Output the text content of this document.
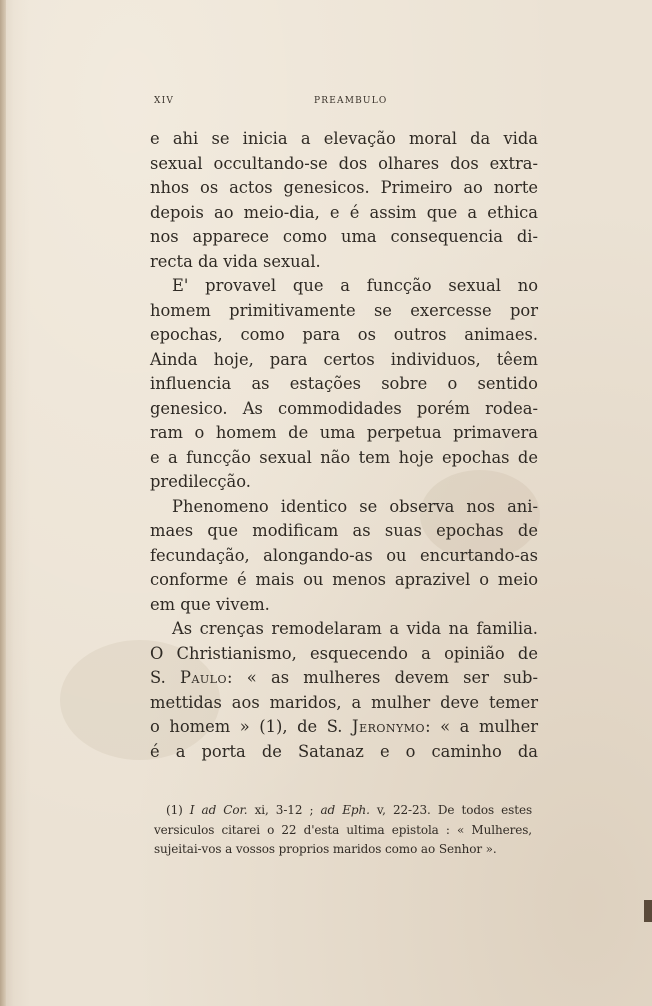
XIV	PREAMBULO
e ahi se inicia a elevação moral da vida
sexual occultando-se dos olhares dos extra-
nhos os actos genesicos. Primeiro ao norte
depois ao meio-dia, e é assim que a ethica
nos apparece como uma consequencia di-
recta da vida sexual.
E' provavel que a funcção sexual no
homem primitivamente se exercesse por
epochas, como para os outros animaes.
Ainda hoje, para certos individuos, têem
influencia as estações sobre o sentido
genesico. As commodidades porém rodea-
ram o homem de uma perpetua primavera
e a funcção sexual não tem hoje epochas de
predilecção.
Phenomeno identico se observa nos ani-
maes que modificam as suas epochas de
fecundação, alongando-as ou encurtando-as
conforme é mais ou menos aprazivel o meio
em que vivem.
As crenças remodelaram a vida na familia.
O Christianismo, esquecendo a opinião de
S. Paulo: « as mulheres devem ser sub-
mettidas aos maridos, a mulher deve temer
o homem » (1), de S. Jeronymo: « a mulher
é a porta de Satanaz e o caminho da
(1) I ad Cor. xi, 3-12 ; ad Eph. v, 22-23. De todos estes
versiculos citarei o 22 d'esta ultima epistola : « Mulheres,
sujeitai-vos a vossos proprios maridos como ao Senhor ».
